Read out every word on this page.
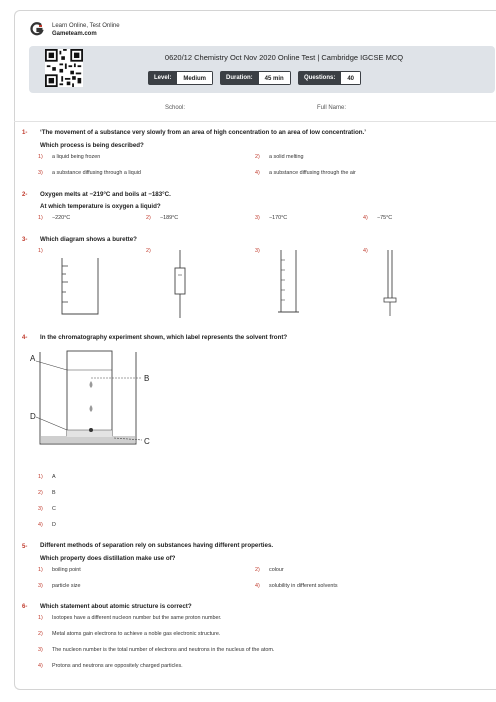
Learn Online, Test Online
Gameteam.com
0620/12 Chemistry Oct Nov 2020 Online Test | Cambridge IGCSE MCQ
Level:	Medium	Duration:	45 min	Questions:	40
School:	Full Name:
1- ‘The movement of a substance very slowly from an area of high concentration to an area of low concentration.’
Which process is being described?
1) a liquid being frozen	2) a solid melting
3) a substance diffusing through a liquid	4) a substance diffusing through the air
2- Oxygen melts at −219°C and boils at −183°C.
At which temperature is oxygen a liquid?
1) −220°C	2) −189°C	3) −170°C	4) −75°C
3- Which diagram shows a burette?
1)	2)	3)	4)
4- In the chromatography experiment shown, which label represents the solvent front?
A
B
C
D
1) A
2) B
3) C
4) D
5- Different methods of separation rely on substances having different properties.
Which property does distillation make use of?
1) boiling point	2) colour
3) particle size	4) solubility in different solvents
6- Which statement about atomic structure is correct?
1) Isotopes have a different nucleon number but the same proton number.
2) Metal atoms gain electrons to achieve a noble gas electronic structure.
3) The nucleon number is the total number of electrons and neutrons in the nucleus of the atom.
4) Protons and neutrons are oppositely charged particles.
